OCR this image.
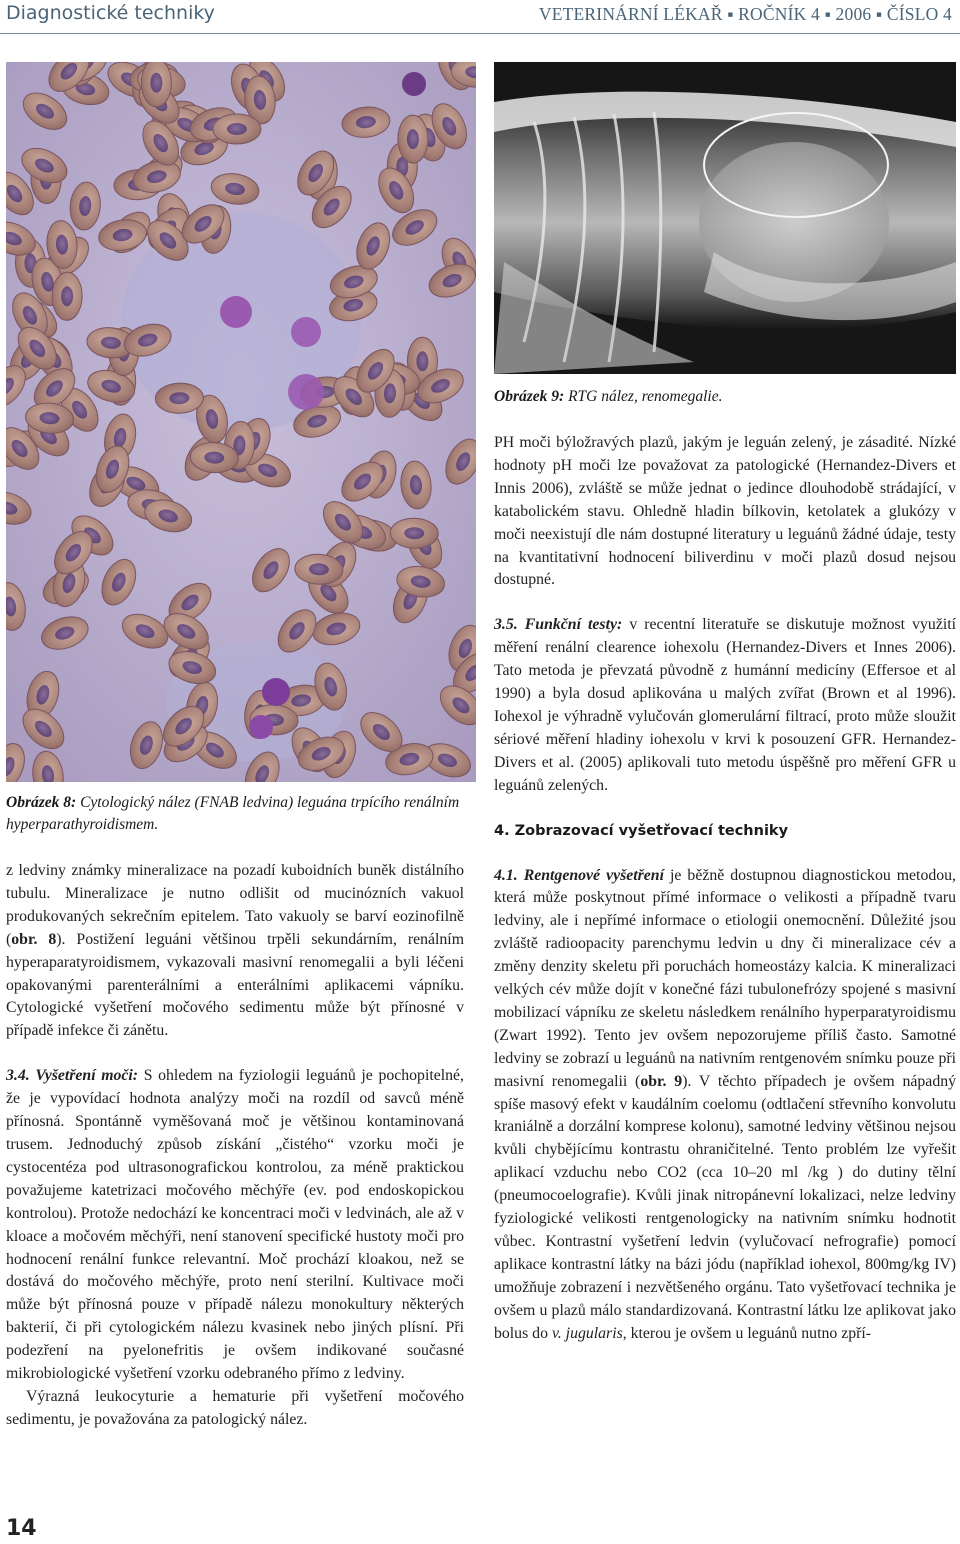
Diagnostické techniky	VETERINÁRNÍ LÉKAŘ ▪ ROČNÍK 4 ▪ 2006 ▪ ČÍSLO 4
Obrázek 8: Cytologický nález (FNAB ledvina) leguána trpícího renálním hyperparathyroidismem.
Obrázek 9: RTG nález, renomegalie.

z ledviny známky mineralizace na pozadí kuboidních buněk distálního tubulu. Mineralizace je nutno odlišit od mucinózních vakuol produkovaných sekrečním epitelem. Tato vakuoly se barví eozinofilně (obr. 8). Postižení leguáni většinou trpěli sekundárním, renálním hyperaparatyroidismem, vykazovali masivní renomegalii a byli léčeni opakovanými parenterálními a enterálními aplikacemi vápníku. Cytologické vyšetření močového sedimentu může být přínosné v případě infekce či zánětu.

3.4. Vyšetření moči: S ohledem na fyziologii leguánů je pochopitelné, že je vypovídací hodnota analýzy moči na rozdíl od savců méně přínosná. Spontánně vyměšovaná moč je většinou kontaminovaná trusem. Jednoduchý způsob získání „čistého“ vzorku moči je cystocentéza pod ultrasonografickou kontrolou, za méně praktickou považujeme katetrizaci močového měchýře (ev. pod endoskopickou kontrolou). Protože nedochází ke koncentraci moči v ledvinách, ale až v kloace a močovém měchýři, není stanovení specifické hustoty moči pro hodnocení renální funkce relevantní. Moč prochází kloakou, než se dostává do močového měchýře, proto není sterilní. Kultivace moči může být přínosná pouze v případě nálezu monokultury některých bakterií, či při cytologickém nálezu kvasinek nebo jiných plísní. Při podezření na pyelonefritis je ovšem indikované současné mikrobiologické vyšetření vzorku odebraného přímo z ledviny.

Výrazná leukocyturie a hematurie při vyšetření močového sedimentu, je považována za patologický nález.

PH moči býložravých plazů, jakým je leguán zelený, je zásadité. Nízké hodnoty pH moči lze považovat za patologické (Hernandez-Divers et Innis 2006), zvláště se může jednat o jedince dlouhodobě strádající, v katabolickém stavu. Ohledně hladin bílkovin, ketolatek a glukózy v moči neexistují dle nám dostupné literatury u leguánů žádné údaje, testy na kvantitativní hodnocení biliverdinu v moči plazů dosud nejsou dostupné.

3.5. Funkční testy: v recentní literatuře se diskutuje možnost využití měření renální clearence iohexolu (Hernandez-Divers et Innes 2006). Tato metoda je převzatá původně z humánní medicíny (Effersoe et al 1990) a byla dosud aplikována u malých zvířat (Brown et al 1996). Iohexol je výhradně vylučován glomerulární filtrací, proto může sloužit sériové měření hladiny iohexolu v krvi k posouzení GFR. Hernandez-Divers et al. (2005) aplikovali tuto metodu úspěšně pro měření GFR u leguánů zelených.

4. Zobrazovací vyšetřovací techniky

4.1. Rentgenové vyšetření je běžně dostupnou diagnostickou metodou, která může poskytnout přímé informace o velikosti a případně tvaru ledviny, ale i nepřímé informace o etiologii onemocnění. Důležité jsou zvláště radioopacity parenchymu ledvin u dny či mineralizace cév a změny denzity skeletu při poruchách homeostázy kalcia. K mineralizaci velkých cév může dojít v konečné fázi tubulonefrózy spojené s masivní mobilizací vápníku ze skeletu následkem renálního hyperparatyroidismu (Zwart 1992). Tento jev ovšem nepozorujeme příliš často. Samotné ledviny se zobrazí u leguánů na nativním rentgenovém snímku pouze při masivní renomegalii (obr. 9). V těchto případech je ovšem nápadný spíše masový efekt v kaudálním coelomu (odtlačení střevního konvolutu kraniálně a dorzální komprese kolonu), samotné ledviny většinou nejsou kvůli chybějícímu kontrastu ohraničitelné. Tento problém lze vyřešit aplikací vzduchu nebo CO2 (cca 10–20 ml /kg ) do dutiny tělní (pneumocoelografie). Kvůli jinak nitropánevní lokalizaci, nelze ledviny fyziologické velikosti rentgenologicky na nativním snímku hodnotit vůbec. Kontrastní vyšetření ledvin (vylučovací nefrografie) pomocí aplikace kontrastní látky na bázi jódu (například iohexol, 800mg/kg IV) umožňuje zobrazení i nezvětšeného orgánu. Tato vyšetřovací technika je ovšem u plazů málo standardizovaná. Kontrastní látku lze aplikovat jako bolus do v. jugularis, kterou je ovšem u leguánů nutno zpří-

14
